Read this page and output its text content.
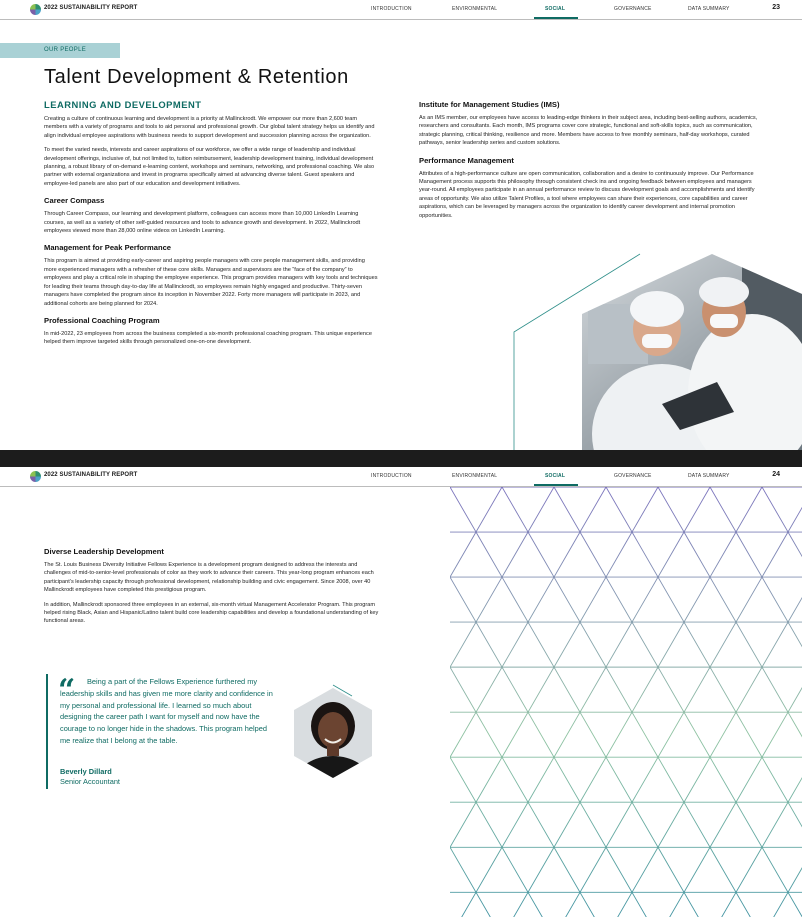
2022 SUSTAINABILITY REPORT	INTRODUCTION	ENVIRONMENTAL	SOCIAL	GOVERNANCE	DATA SUMMARY	23
OUR PEOPLE
Talent Development & Retention
LEARNING AND DEVELOPMENT

Creating a culture of continuous learning and development is a priority at Mallinckrodt. We empower our more than 2,600 team members with a variety of programs and tools to aid personal and professional growth. Our global talent strategy helps us identify and align individual employee aspirations with business needs to support development and succession planning across the organization.

To meet the varied needs, interests and career aspirations of our workforce, we offer a wide range of leadership and individual development offerings, inclusive of, but not limited to, tuition reimbursement, leadership development training, individual development planning, a robust library of on-demand e-learning content, workshops and seminars, networking, and professional coaching. We also partner with external organizations and invest in programs specifically aimed at advancing diverse talent. Guest speakers and employee-led panels are also part of our education and development initiatives.

Career Compass

Through Career Compass, our learning and development platform, colleagues can access more than 10,000 LinkedIn Learning courses, as well as a variety of other self-guided resources and tools to advance growth and development. In 2022, Mallinckrodt employees viewed more than 28,000 online videos on LinkedIn Learning.

Management for Peak Performance

This program is aimed at providing early-career and aspiring people managers with core people management skills, and providing more experienced managers with a refresher of these core skills. Managers and supervisors are the “face of the company” to employees and play a critical role in shaping the employee experience. This program provides managers with key tools and techniques for leading their teams through day-to-day life at Mallinckrodt, so employees remain highly engaged and productive. Thirty-seven managers have completed the program since its inception in November 2022. Forty more managers will participate in 2023, and additional cohorts are being planned for 2024.

Professional Coaching Program

In mid-2022, 23 employees from across the business completed a six-month professional coaching program. This unique experience helped them improve targeted skills through personalized one-on-one development.

Institute for Management Studies (IMS)

As an IMS member, our employees have access to leading-edge thinkers in their subject area, including best-selling authors, academics, researchers and consultants. Each month, IMS programs cover core strategic, functional and soft-skills topics, such as communication, strategic planning, critical thinking, resilience and more. Members have access to free monthly seminars, half-day workshops, curated pathways, senior leadership series and custom solutions.

Performance Management

Attributes of a high-performance culture are open communication, collaboration and a desire to continuously improve. Our Performance Management process supports this philosophy through consistent check ins and ongoing feedback between employees and managers year-round. All employees participate in an annual performance review to discuss development goals and accomplishments and identify areas of opportunity. We also utilize Talent Profiles, a tool where employees can share their experiences, core capabilities and career aspirations, which can be leveraged by managers across the organization to identify career development and internal promotion opportunities.

2022 SUSTAINABILITY REPORT	INTRODUCTION	ENVIRONMENTAL	SOCIAL	GOVERNANCE	DATA SUMMARY	24
Diverse Leadership Development

The St. Louis Business Diversity Initiative Fellows Experience is a development program designed to address the interests and challenges of mid-to-senior-level professionals of color as they work to advance their careers. This year-long program enhances each participant’s leadership capacity through professional development, relationship building and civic engagement. Since 2008, over 40 Mallinckrodt employees have completed this prestigious program.

In addition, Mallinckrodt sponsored three employees in an external, six-month virtual Management Accelerator Program. This program helped rising Black, Asian and Hispanic/Latino talent build core leadership capabilities and develop a foundational understanding of key functional areas.

“	Being a part of the Fellows Experience furthered my leadership skills and has given me more clarity and confidence in my personal and professional life. I learned so much about designing the career path I want for myself and now have the courage to no longer hide in the shadows. This program helped me realize that I belong at the table.

Beverly Dillard
Senior Accountant
